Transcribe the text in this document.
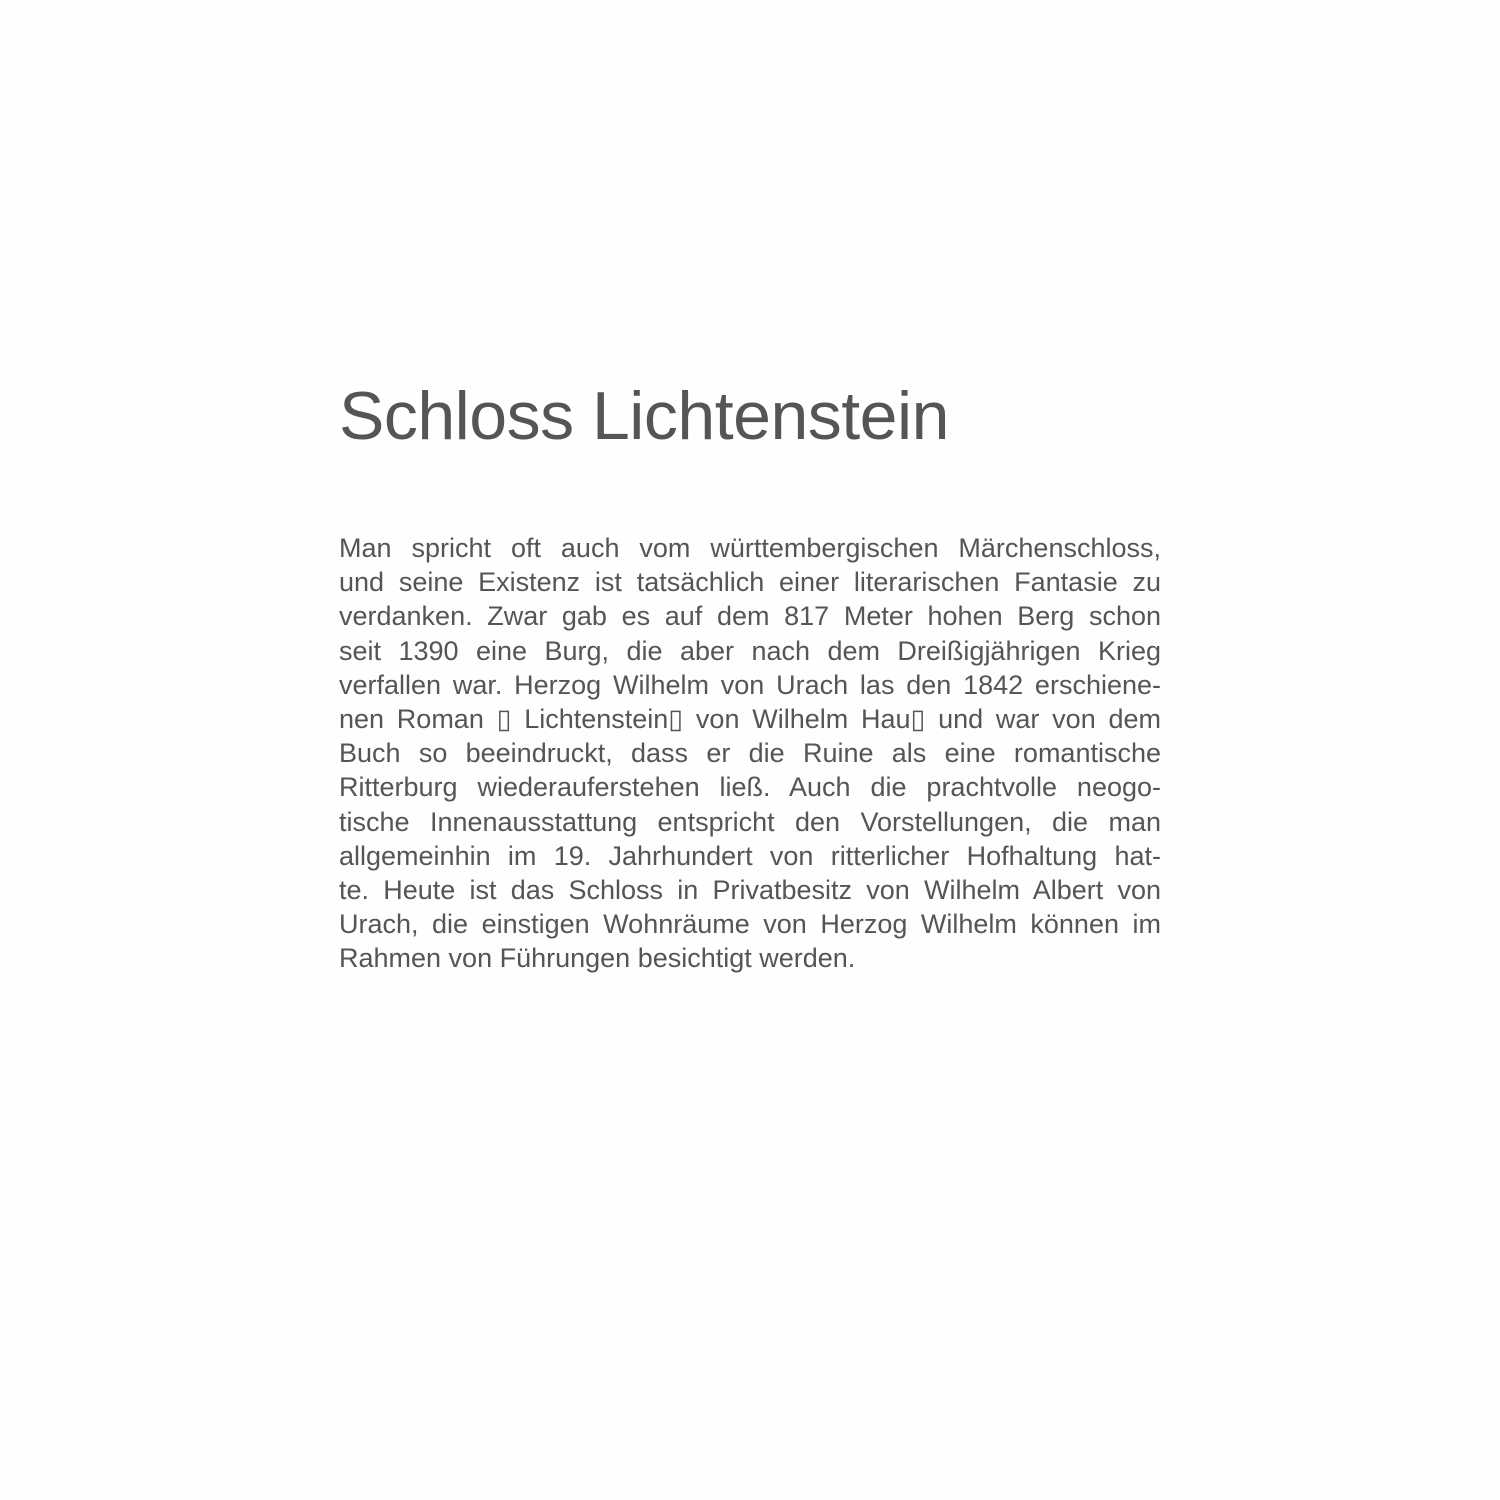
Schloss Lichtenstein
Man spricht oft auch vom württembergischen Märchenschloss,
und seine Existenz ist tatsächlich einer literarischen Fantasie zu
verdanken. Zwar gab es auf dem 817 Meter hohen Berg schon
seit 1390 eine Burg, die aber nach dem Dreißigjährigen Krieg
verfallen war. Herzog Wilhelm von Urach las den 1842 erschiene-
nen Roman ▯ Lichtenstein▯ von Wilhelm Hau▯ und war von dem
Buch so beeindruckt, dass er die Ruine als eine romantische
Ritterburg wiederauferstehen ließ. Auch die prachtvolle neogo-
tische Innenausstattung entspricht den Vorstellungen, die man
allgemeinhin im 19. Jahrhundert von ritterlicher Hofhaltung hat-
te. Heute ist das Schloss in Privatbesitz von Wilhelm Albert von
Urach, die einstigen Wohnräume von Herzog Wilhelm können im
Rahmen von Führungen besichtigt werden.
